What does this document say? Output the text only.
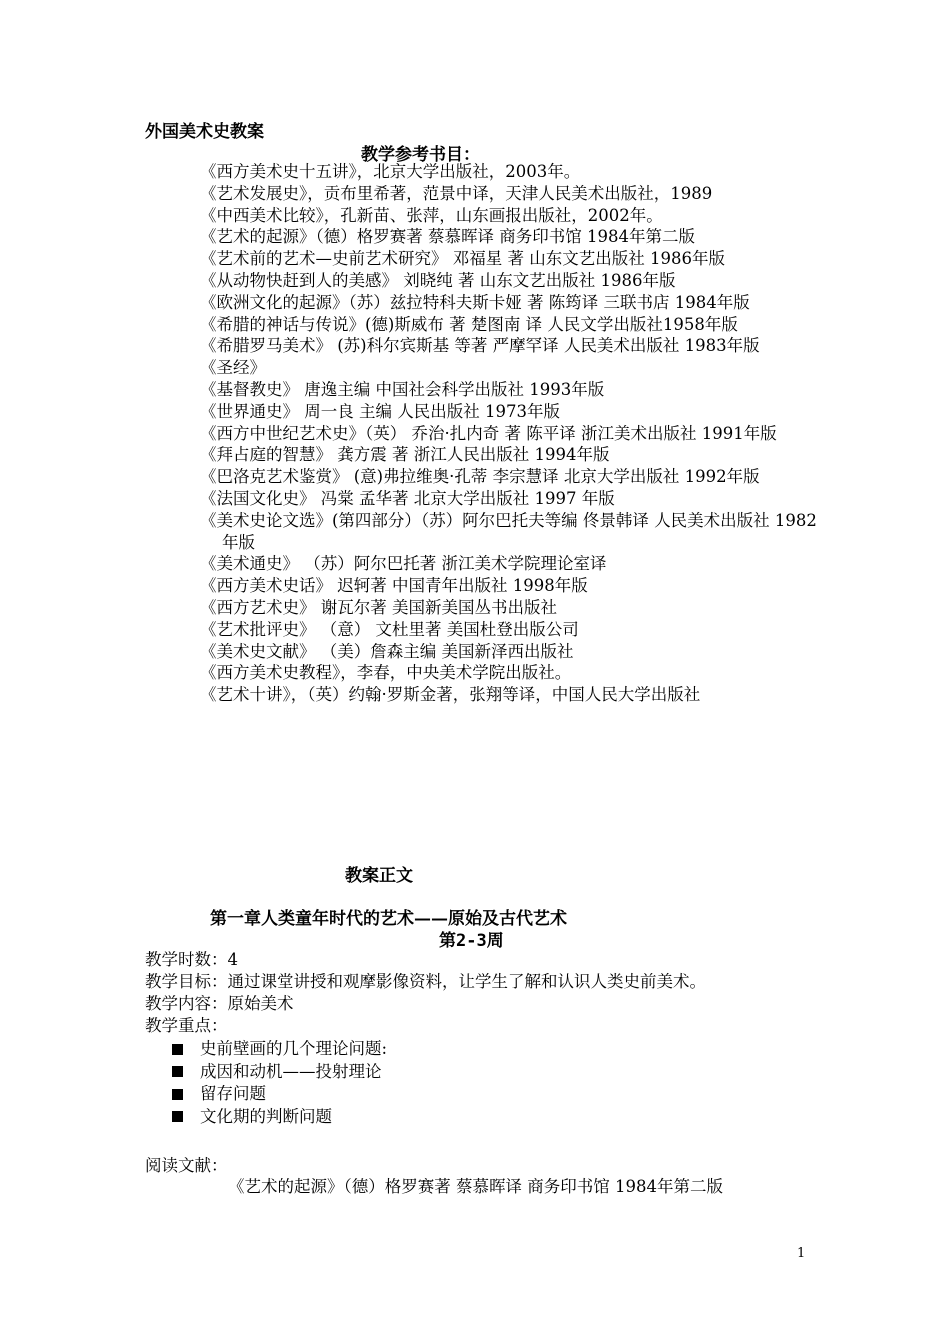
外国美术史教案
教学参考书目：
《西方美术史十五讲》，北京大学出版社，2003年。
《艺术发展史》，贡布里希著，范景中译，天津人民美术出版社，1989
《中西美术比较》，孔新苗、张萍，山东画报出版社，2002年。
《艺术的起源》（德）格罗赛著 蔡慕晖译 商务印书馆 1984年第二版
《艺术前的艺术—史前艺术研究》 邓福星 著 山东文艺出版社 1986年版
《从动物快赶到人的美感》 刘晓纯 著 山东文艺出版社 1986年版
《欧洲文化的起源》（苏）兹拉特科夫斯卡娅 著 陈筠译 三联书店 1984年版
《希腊的神话与传说》(德)斯威布 著 楚图南 译 人民文学出版社1958年版
《希腊罗马美术》 (苏)科尔宾斯基 等著 严摩罕译 人民美术出版社 1983年版
《圣经》
《基督教史》 唐逸主编 中国社会科学出版社 1993年版
《世界通史》 周一良 主编 人民出版社 1973年版
《西方中世纪艺术史》（英） 乔治·扎内奇 著 陈平译 浙江美术出版社 1991年版
《拜占庭的智慧》 龚方震 著 浙江人民出版社 1994年版
《巴洛克艺术鉴赏》 (意)弗拉维奥·孔蒂 李宗慧译 北京大学出版社 1992年版
《法国文化史》 冯棠 孟华著 北京大学出版社 1997 年版
《美术史论文选》(第四部分）（苏）阿尔巴托夫等编 佟景韩译 人民美术出版社 1982年版
《美术通史》 （苏）阿尔巴托著 浙江美术学院理论室译
《西方美术史话》 迟轲著 中国青年出版社 1998年版
《西方艺术史》 谢瓦尔著 美国新美国丛书出版社
《艺术批评史》 （意） 文杜里著 美国杜登出版公司
《美术史文献》 （美）詹森主编 美国新泽西出版社
《西方美术史教程》，李春，中央美术学院出版社。
《艺术十讲》，（英）约翰·罗斯金著，张翔等译，中国人民大学出版社
教案正文
第一章人类童年时代的艺术——原始及古代艺术
第2-3周
教学时数：4
教学目标：通过课堂讲授和观摩影像资料，让学生了解和认识人类史前美术。
教学内容：原始美术
教学重点：
史前壁画的几个理论问题:
成因和动机——投射理论
留存问题
文化期的判断问题
阅读文献：
《艺术的起源》（德）格罗赛著 蔡慕晖译 商务印书馆 1984年第二版
1
